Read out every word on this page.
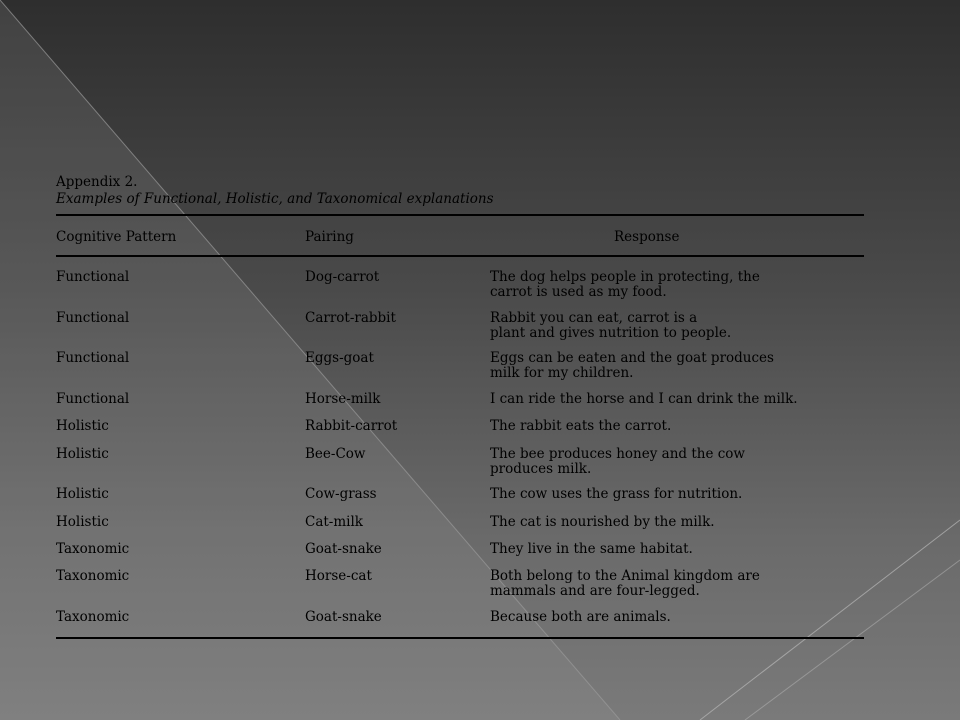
Appendix 2.
Examples of Functional, Holistic, and Taxonomical explanations
Cognitive Pattern	Pairing	Response
Functional	Dog-carrot	The dog helps people in protecting, the
carrot is used as my food.
Functional	Carrot-rabbit	Rabbit you can eat, carrot is a
plant and gives nutrition to people.
Functional	Eggs-goat	Eggs can be eaten and the goat produces
milk for my children.
Functional	Horse-milk	I can ride the horse and I can drink the milk.
Holistic	Rabbit-carrot	The rabbit eats the carrot.
Holistic	Bee-Cow	The bee produces honey and the cow
produces milk.
Holistic	Cow-grass	The cow uses the grass for nutrition.
Holistic	Cat-milk	The cat is nourished by the milk.
Taxonomic	Goat-snake	They live in the same habitat.
Taxonomic	Horse-cat	Both belong to the Animal kingdom are
mammals and are four-legged.
Taxonomic	Goat-snake	Because both are animals.
